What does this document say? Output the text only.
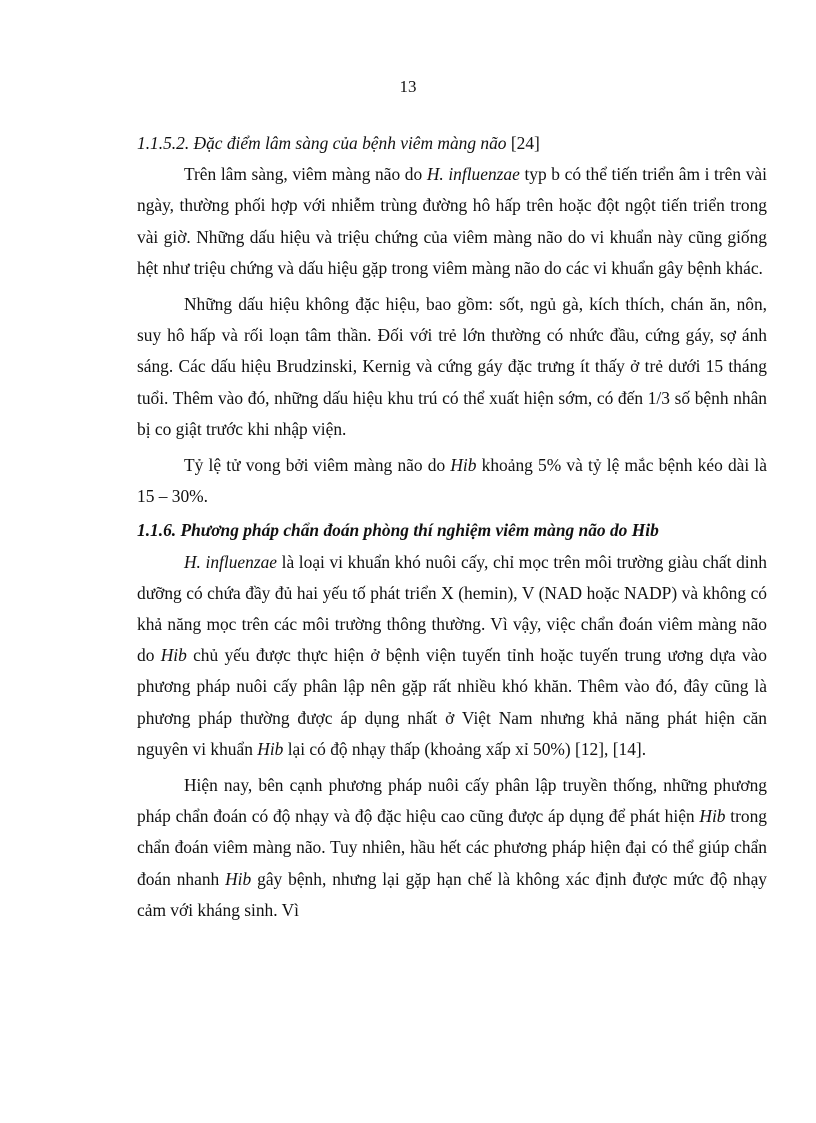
13

1.1.5.2. Đặc điểm lâm sàng của bệnh viêm màng não [24]

Trên lâm sàng, viêm màng não do H. influenzae typ b có thể tiến triển âm i trên vài ngày, thường phối hợp với nhiễm trùng đường hô hấp trên hoặc đột ngột tiến triển trong vài giờ. Những dấu hiệu và triệu chứng của viêm màng não do vi khuẩn này cũng giống hệt như triệu chứng và dấu hiệu gặp trong viêm màng não do các vi khuẩn gây bệnh khác.

Những dấu hiệu không đặc hiệu, bao gồm: sốt, ngủ gà, kích thích, chán ăn, nôn, suy hô hấp và rối loạn tâm thần. Đối với trẻ lớn thường có nhức đầu, cứng gáy, sợ ánh sáng. Các dấu hiệu Brudzinski, Kernig và cứng gáy đặc trưng ít thấy ở trẻ dưới 15 tháng tuổi. Thêm vào đó, những dấu hiệu khu trú có thể xuất hiện sớm, có đến 1/3 số bệnh nhân bị co giật trước khi nhập viện.

Tỷ lệ tử vong bởi viêm màng não do Hib khoảng 5% và tỷ lệ mắc bệnh kéo dài là 15 – 30%.

1.1.6. Phương pháp chẩn đoán phòng thí nghiệm viêm màng não do Hib

H. influenzae là loại vi khuẩn khó nuôi cấy, chỉ mọc trên môi trường giàu chất dinh dưỡng có chứa đầy đủ hai yếu tố phát triển X (hemin), V (NAD hoặc NADP) và không có khả năng mọc trên các môi trường thông thường. Vì vậy, việc chẩn đoán viêm màng não do Hib chủ yếu được thực hiện ở bệnh viện tuyến tỉnh hoặc tuyến trung ương dựa vào phương pháp nuôi cấy phân lập nên gặp rất nhiều khó khăn. Thêm vào đó, đây cũng là phương pháp thường được áp dụng nhất ở Việt Nam nhưng khả năng phát hiện căn nguyên vi khuẩn Hib lại có độ nhạy thấp (khoảng xấp xỉ 50%) [12], [14].

Hiện nay, bên cạnh phương pháp nuôi cấy phân lập truyền thống, những phương pháp chẩn đoán có độ nhạy và độ đặc hiệu cao cũng được áp dụng để phát hiện Hib trong chẩn đoán viêm màng não. Tuy nhiên, hầu hết các phương pháp hiện đại có thể giúp chẩn đoán nhanh Hib gây bệnh, nhưng lại gặp hạn chế là không xác định được mức độ nhạy cảm với kháng sinh. Vì
